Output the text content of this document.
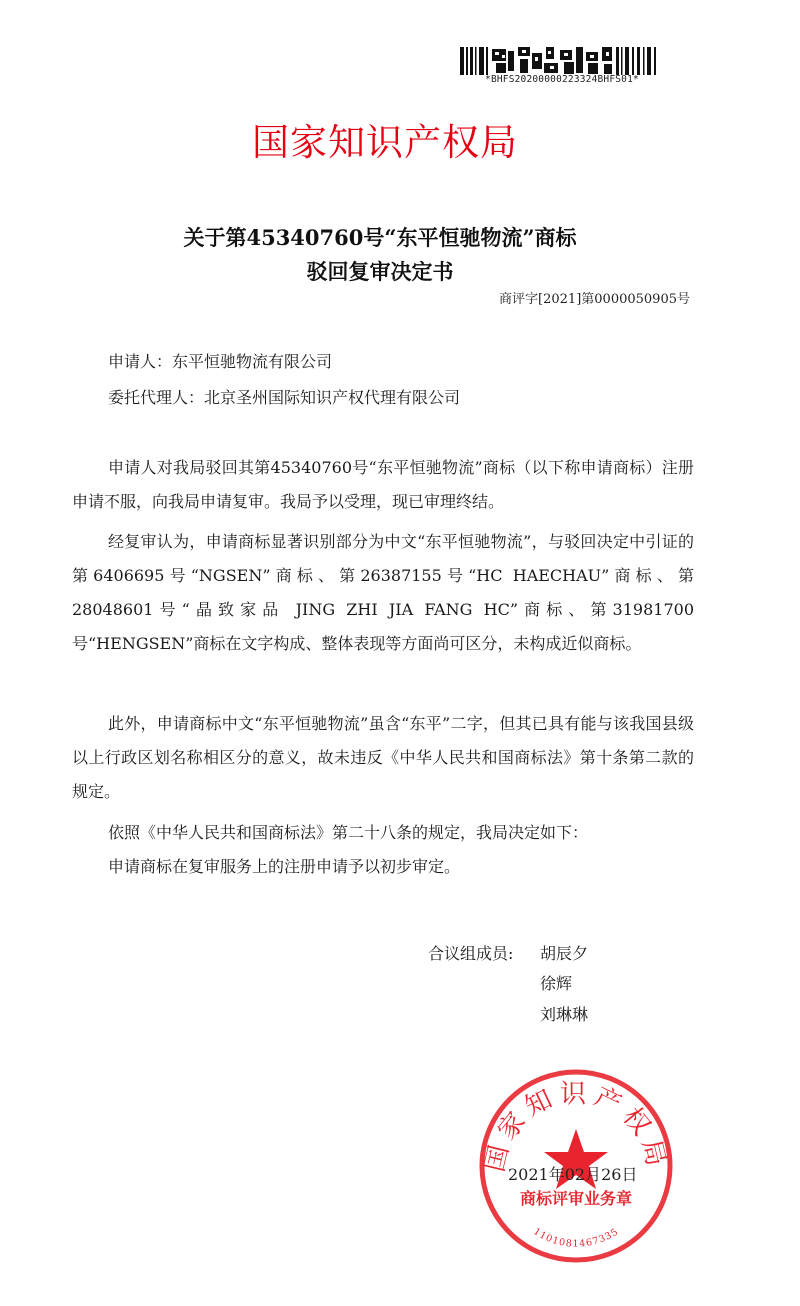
*BHFS20200000223324BHFS01*
国家知识产权局
关于第45340760号“东平恒驰物流”商标
驳回复审决定书
商评字[2021]第0000050905号
申请人：东平恒驰物流有限公司
委托代理人：北京圣州国际知识产权代理有限公司

申请人对我局驳回其第45340760号“东平恒驰物流”商标（以下称申请商标）注册申请不服，向我局申请复审。我局予以受理，现已审理终结。

经复审认为，申请商标显著识别部分为中文“东平恒驰物流”，与驳回决定中引证的第6406695号“NGSEN”商标、第26387155号“HC HAECHAU”商标、第28048601号“晶致家品 JING ZHI JIA FANG HC”商标、第31981700号“HENGSEN”商标在文字构成、整体表现等方面尚可区分，未构成近似商标。

此外，申请商标中文“东平恒驰物流”虽含“东平”二字，但其已具有能与该我国县级以上行政区划名称相区分的意义，故未违反《中华人民共和国商标法》第十条第二款的规定。

依照《中华人民共和国商标法》第二十八条的规定，我局决定如下：

申请商标在复审服务上的注册申请予以初步审定。

合议组成员: 胡辰夕
徐辉
刘琳琳
国家知识产权局
商标评审业务章
1101081467335
2021年02月26日
